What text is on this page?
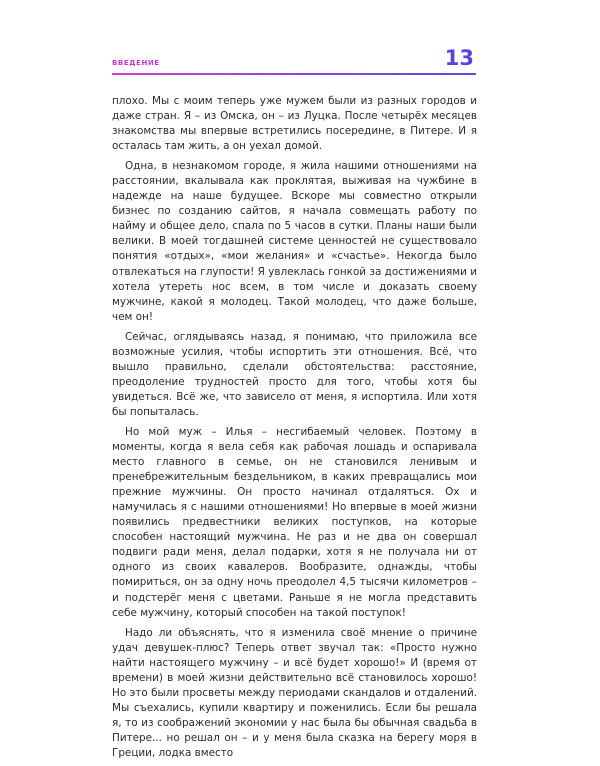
ВВЕДЕНИЕ	13

плохо. Мы с моим теперь уже мужем были из разных городов и даже стран. Я – из Омска, он – из Луцка. После четырёх месяцев знакомства мы впервые встретились посередине, в Питере. И я осталась там жить, а он уехал домой.

Одна, в незнакомом городе, я жила нашими отношениями на расстоянии, вкалывала как проклятая, выживая на чужбине в надежде на наше будущее. Вскоре мы совместно открыли бизнес по созданию сайтов, я начала совмещать работу по найму и общее дело, спала по 5 часов в сутки. Планы наши были велики. В моей тогдашней системе ценностей не существовало понятия «отдых», «мои желания» и «счастье». Некогда было отвлекаться на глупости! Я увлеклась гонкой за достижениями и хотела утереть нос всем, в том числе и доказать своему мужчине, какой я молодец. Такой молодец, что даже больше, чем он!

Сейчас, оглядываясь назад, я понимаю, что приложила все возможные усилия, чтобы испортить эти отношения. Всё, что вышло правильно, сделали обстоятельства: расстояние, преодоление трудностей просто для того, чтобы хотя бы увидеться. Всё же, что зависело от меня, я испортила. Или хотя бы попыталась.

Но мой муж – Илья – несгибаемый человек. Поэтому в моменты, когда я вела себя как рабочая лошадь и оспаривала место главного в семье, он не становился ленивым и пренебрежительным бездельником, в каких превращались мои прежние мужчины. Он просто начинал отдаляться. Ох и намучилась я с нашими отношениями! Но впервые в моей жизни появились предвестники великих поступков, на которые способен настоящий мужчина. Не раз и не два он совершал подвиги ради меня, делал подарки, хотя я не получала ни от одного из своих кавалеров. Вообразите, однажды, чтобы помириться, он за одну ночь преодолел 4,5 тысячи километров – и подстерёг меня с цветами. Раньше я не могла представить себе мужчину, который способен на такой поступок!

Надо ли объяснять, что я изменила своё мнение о причине удач девушек-плюс? Теперь ответ звучал так: «Просто нужно найти настоящего мужчину – и всё будет хорошо!» И (время от времени) в моей жизни действительно всё становилось хорошо! Но это были просветы между периодами скандалов и отдалений. Мы съехались, купили квартиру и поженились. Если бы решала я, то из соображений экономии у нас была бы обычная свадьба в Питере... но решал он – и у меня была сказка на берегу моря в Греции, лодка вместо
